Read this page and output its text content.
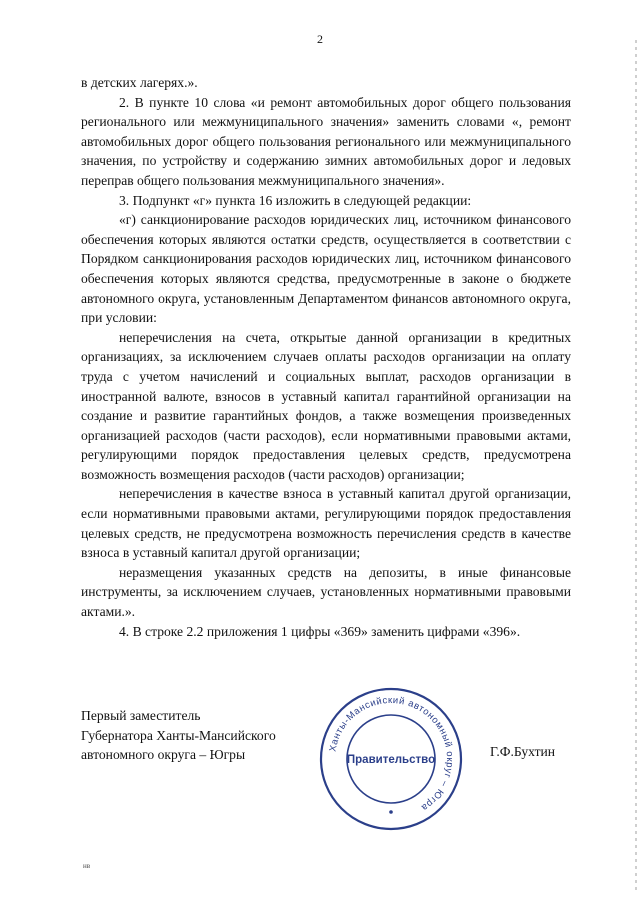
2

в детских лагерях.».

2. В пункте 10 слова «и ремонт автомобильных дорог общего пользования регионального или межмуниципального значения» заменить словами «, ремонт автомобильных дорог общего пользования регионального или межмуниципального значения, по устройству и содержанию зимних автомобильных дорог и ледовых переправ общего пользования межмуниципального значения».

3. Подпункт «г» пункта 16 изложить в следующей редакции:

«г) санкционирование расходов юридических лиц, источником финансового обеспечения которых являются остатки средств, осуществляется в соответствии с Порядком санкционирования расходов юридических лиц, источником финансового обеспечения которых являются средства, предусмотренные в законе о бюджете автономного округа, установленным Департаментом финансов автономного округа, при условии:

неперечисления на счета, открытые данной организации в кредитных организациях, за исключением случаев оплаты расходов организации на оплату труда с учетом начислений и социальных выплат, расходов организации в иностранной валюте, взносов в уставный капитал гарантийной организации на создание и развитие гарантийных фондов, а также возмещения произведенных организацией расходов (части расходов), если нормативными правовыми актами, регулирующими порядок предоставления целевых средств, предусмотрена возможность возмещения расходов (части расходов) организации;

неперечисления в качестве взноса в уставный капитал другой организации, если нормативными правовыми актами, регулирующими порядок предоставления целевых средств, не предусмотрена возможность перечисления средств в качестве взноса в уставный капитал другой организации;

неразмещения указанных средств на депозиты, в иные финансовые инструменты, за исключением случаев, установленных нормативными правовыми актами.».

4. В строке 2.2 приложения 1 цифры «369» заменить цифрами «396».

Первый заместитель
Губернатора Ханты-Мансийского
автономного округа – Югры	Ханты-Мансийский автономный округ – Югра
Правительство
Г.Ф.Бухтин
нв
